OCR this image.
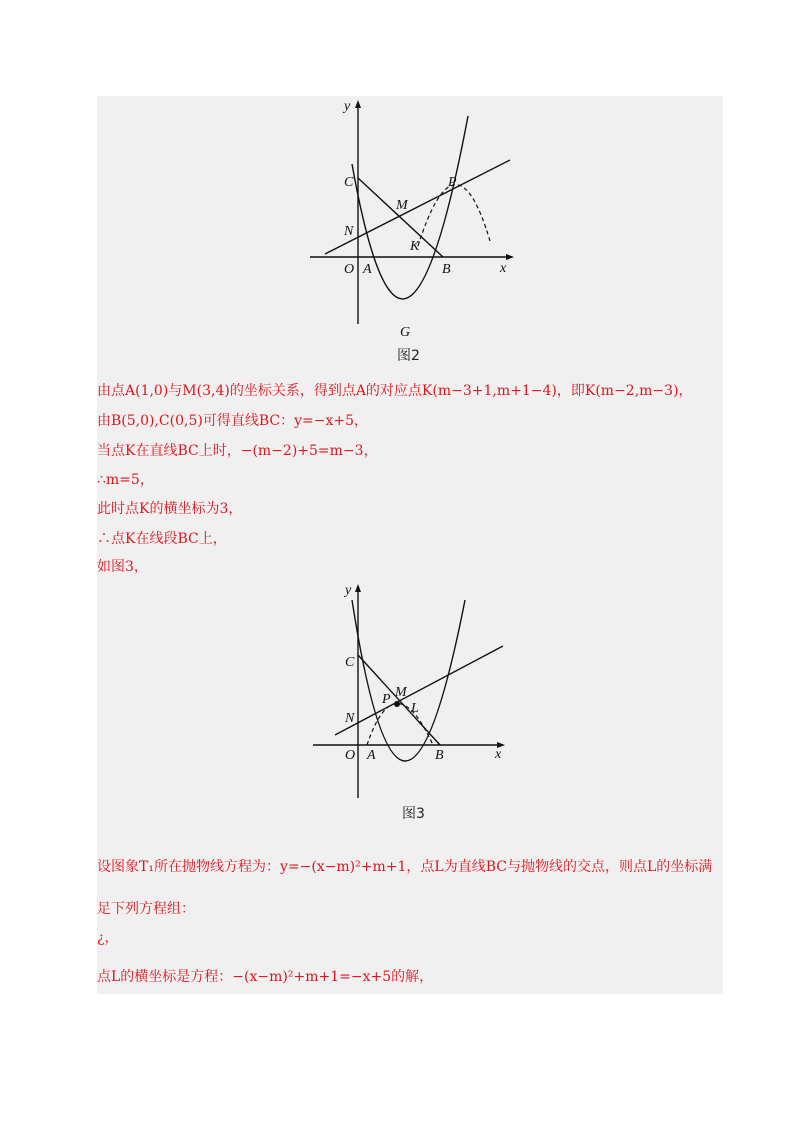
y
x
C	P
M
N
K
O A	B
G
图2
由点A(1,0)与M(3,4)的坐标关系，得到点A的对应点K(m−3+1,m+1−4)，即K(m−2,m−3)，
由B(5,0),C(0,5)可得直线BC：y=−x+5，
当点K在直线BC上时，−(m−2)+5=m−3，
∴m=5，
此时点K的横坐标为3，
∴点K在线段BC上，
如图3，
y
x
C
M
P
L
N
O A	B
图3
设图象T₁所在抛物线方程为：y=−(x−m)²+m+1，点L为直线BC与抛物线的交点，则点L的坐标满
足下列方程组：
¿，
点L的横坐标是方程：−(x−m)²+m+1=−x+5的解，
